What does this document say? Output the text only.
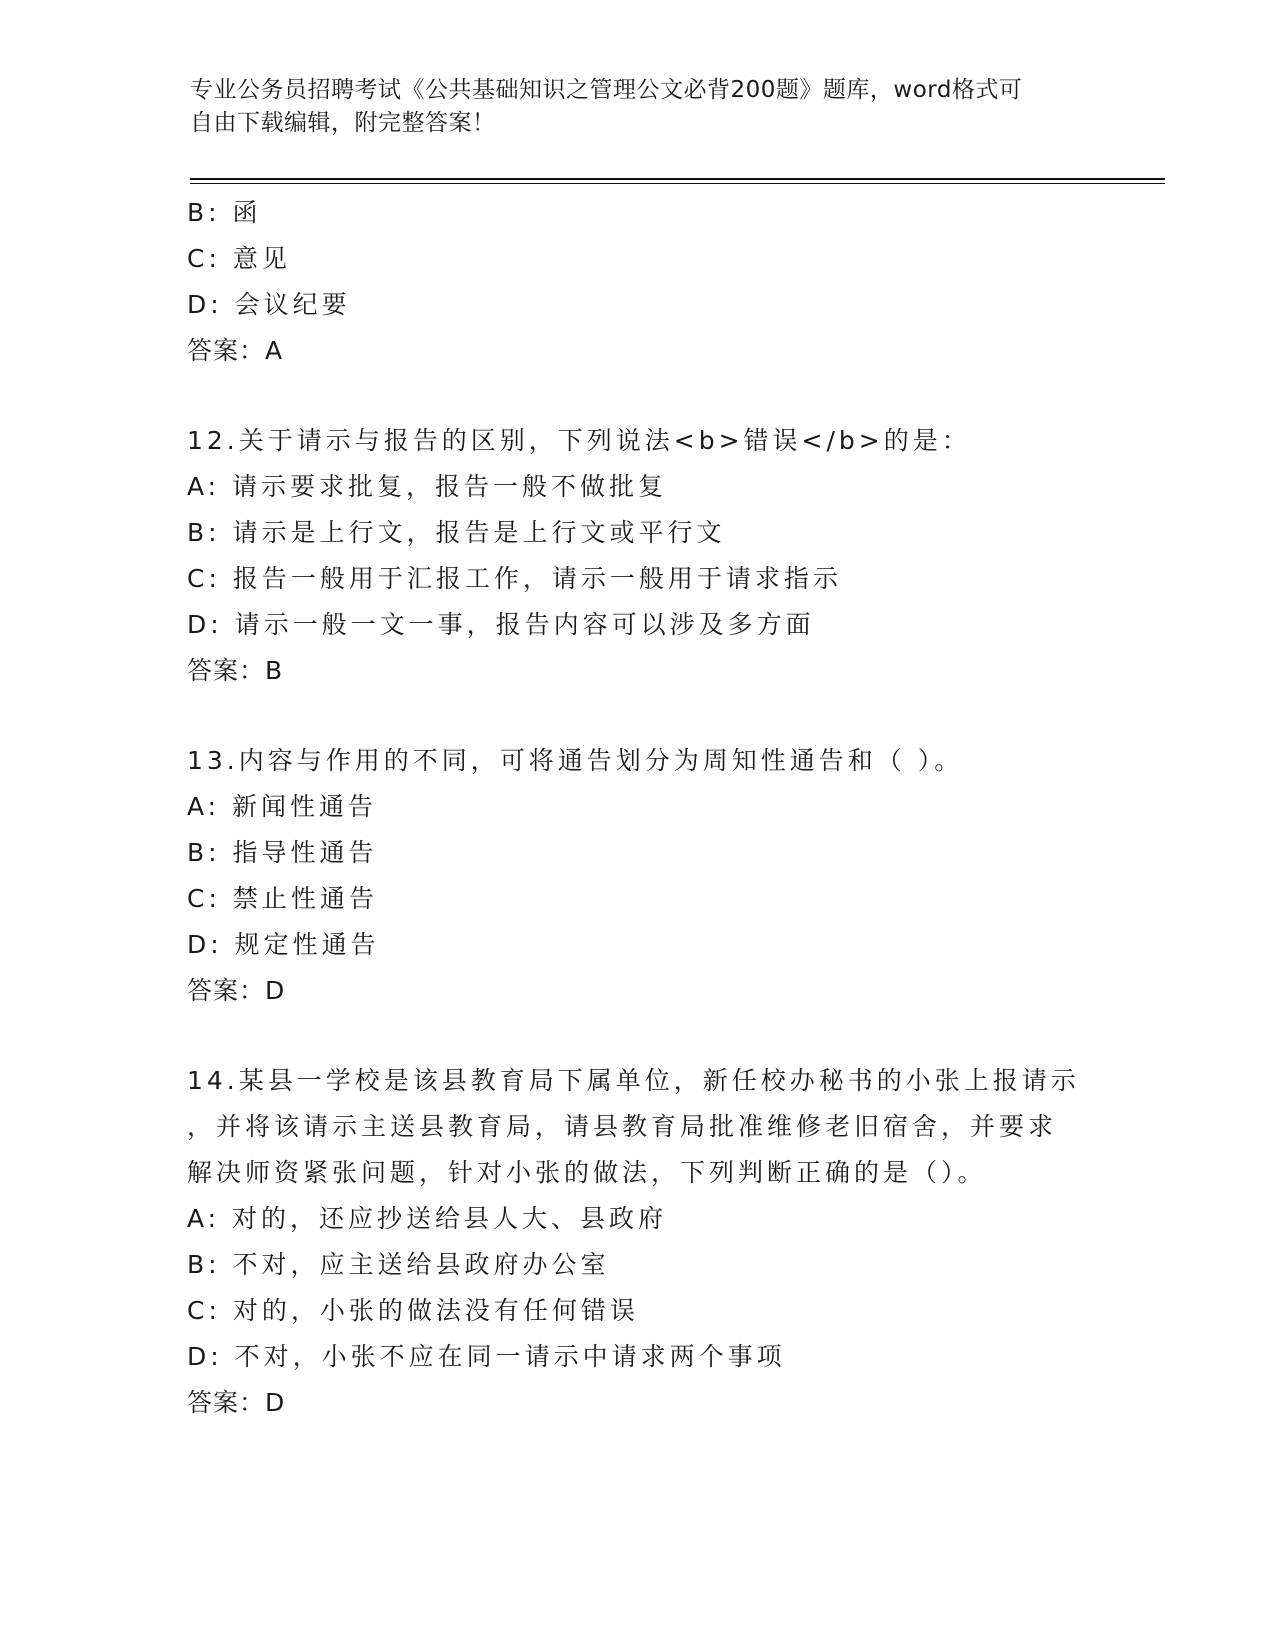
专业公务员招聘考试《公共基础知识之管理公文必背200题》题库，word格式可
自由下载编辑，附完整答案！
B: 函
C: 意见
D: 会议纪要
答案：A
12.关于请示与报告的区别，下列说法<b>错误</b>的是：
A: 请示要求批复，报告一般不做批复
B: 请示是上行文，报告是上行文或平行文
C: 报告一般用于汇报工作，请示一般用于请求指示
D: 请示一般一文一事，报告内容可以涉及多方面
答案：B
13.内容与作用的不同，可将通告划分为周知性通告和（ ）。
A: 新闻性通告
B: 指导性通告
C: 禁止性通告
D: 规定性通告
答案：D
14.某县一学校是该县教育局下属单位，新任校办秘书的小张上报请示
，并将该请示主送县教育局，请县教育局批准维修老旧宿舍，并要求
解决师资紧张问题，针对小张的做法，下列判断正确的是（）。
A: 对的，还应抄送给县人大、县政府
B: 不对，应主送给县政府办公室
C: 对的，小张的做法没有任何错误
D: 不对，小张不应在同一请示中请求两个事项
答案：D
